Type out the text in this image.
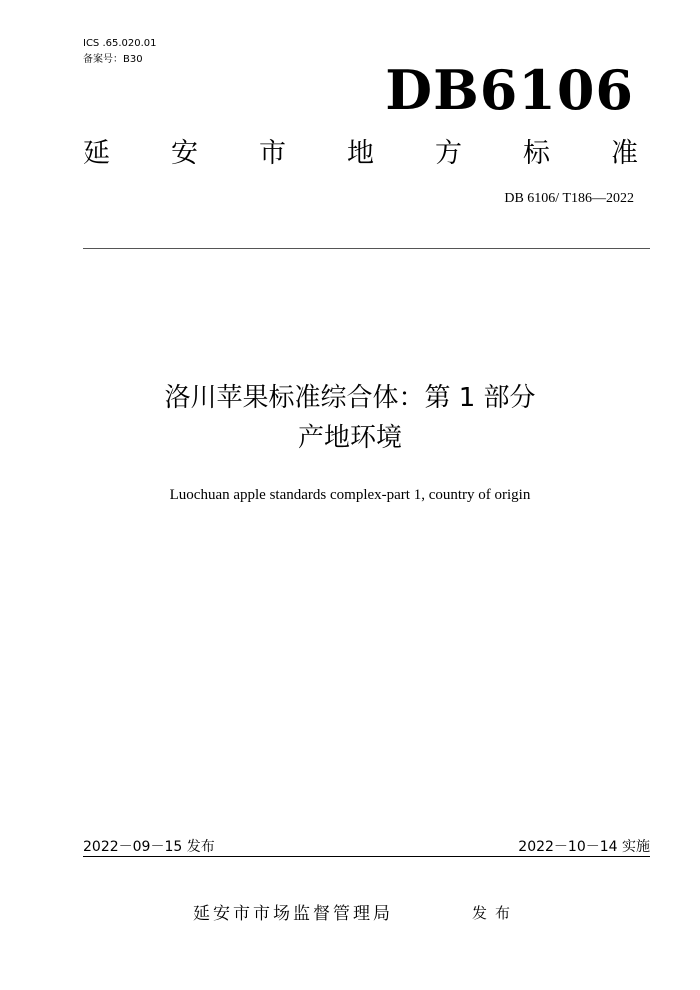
ICS .65.020.01
备案号：B30	DB6106
延 安 市 地 方 标 准
DB 6106/ T186—2022
洛川苹果标准综合体：第 1 部分
产地环境
Luochuan apple standards complex-part 1, country of origin
2022－09－15 发布	2022－10－14 实施
延安市市场监督管理局	发布
